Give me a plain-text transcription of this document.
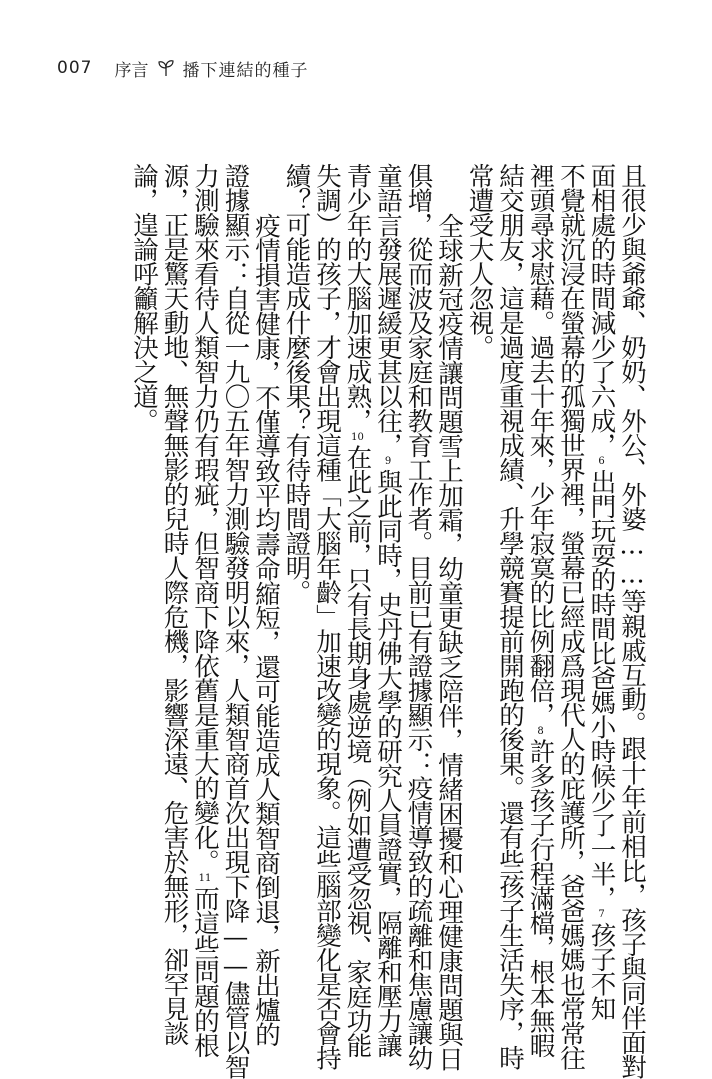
007 序言 播下連結的種子
且很少與爺爺、奶奶、外公、外婆……等親戚互動。跟十年前相比，孩子與同伴面對
面相處的時間減少了六成，6出門玩耍的時間比爸媽小時候少了一半，7孩子不知
不覺就沉浸在螢幕的孤獨世界裡，螢幕已經成爲現代人的庇護所，爸爸媽媽也常常往
裡頭尋求慰藉。過去十年來，少年寂寞的比例翻倍，8許多孩子行程滿檔，根本無暇
結交朋友，這是過度重視成績、升學競賽提前開跑的後果。還有些孩子生活失序，時
常遭受大人忽視。
全球新冠疫情讓問題雪上加霜，幼童更缺乏陪伴，情緒困擾和心理健康問題與日
俱增，從而波及家庭和教育工作者。目前已有證據顯示：疫情導致的疏離和焦慮讓幼
童語言發展遲緩更甚以往，9與此同時，史丹佛大學的研究人員證實，隔離和壓力讓
青少年的大腦加速成熟，10在此之前，只有長期身處逆境（例如遭受忽視、家庭功能
失調）的孩子，才會出現這種「大腦年齡」加速改變的現象。這些腦部變化是否會持
續？可能造成什麼後果？有待時間證明。
疫情損害健康，不僅導致平均壽命縮短，還可能造成人類智商倒退，新出爐的
證據顯示：自從一九〇五年智力測驗發明以來，人類智商首次出現下降——儘管以智
力測驗來看待人類智力仍有瑕疵，但智商下降依舊是重大的變化。11而這些問題的根
源，正是驚天動地、無聲無影的兒時人際危機，影響深遠、危害於無形，卻罕見談
論，遑論呼籲解決之道。
